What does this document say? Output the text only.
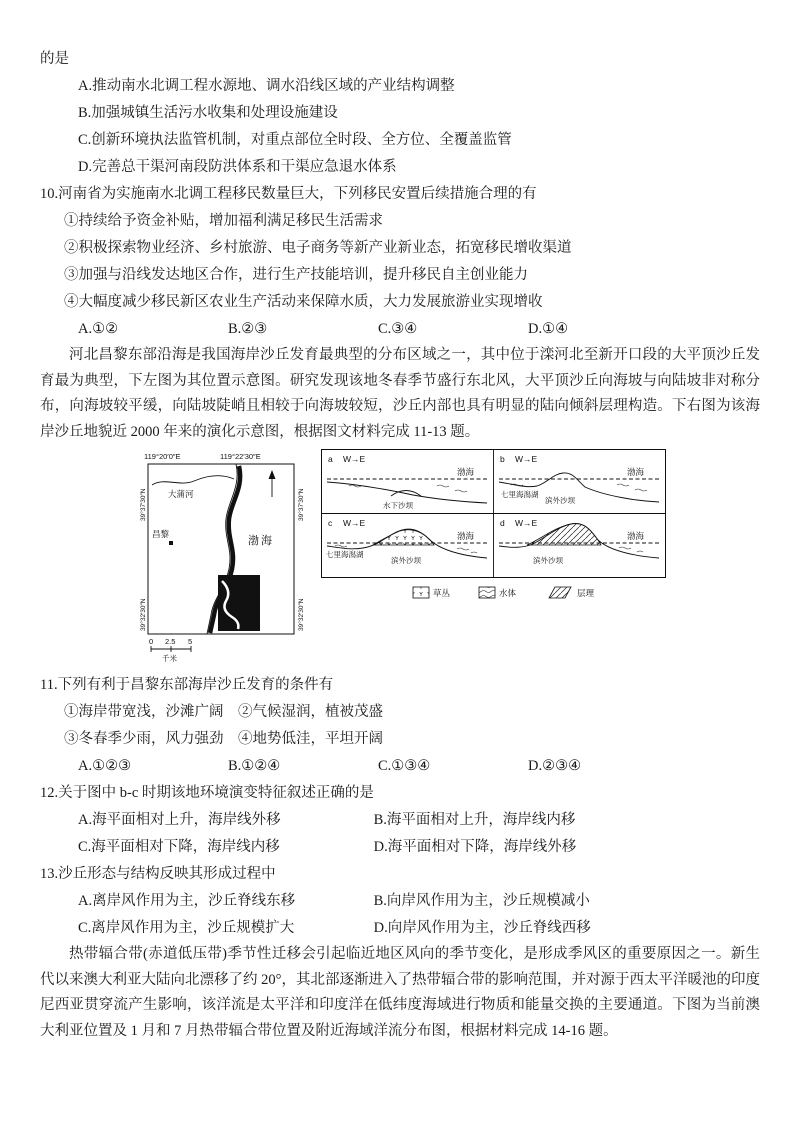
的是

A.推动南水北调工程水源地、调水沿线区域的产业结构调整

B.加强城镇生活污水收集和处理设施建设

C.创新环境执法监管机制，对重点部位全时段、全方位、全覆盖监管

D.完善总干渠河南段防洪体系和干渠应急退水体系

10.河南省为实施南水北调工程移民数量巨大，下列移民安置后续措施合理的有

①持续给予资金补贴，增加福利满足移民生活需求

②积极探索物业经济、乡村旅游、电子商务等新产业新业态，拓宽移民增收渠道

③加强与沿线发达地区合作，进行生产技能培训，提升移民自主创业能力

④大幅度减少移民新区农业生产活动来保障水质，大力发展旅游业实现增收

A.①②	B.②③	C.③④	D.①④

河北昌黎东部沿海是我国海岸沙丘发育最典型的分布区域之一，其中位于滦河北至新开口段的大平顶沙丘发育最为典型，下左图为其位置示意图。研究发现该地冬春季节盛行东北风，大平顶沙丘向海坡与向陆坡非对称分布，向海坡较平缓，向陆坡陡峭且相较于向海坡较短，沙丘内部也具有明显的陆向倾斜层理构造。下右图为该海岸沙丘地貌近 2000 年来的演化示意图，根据图文材料完成 11-13 题。

119°20′0″E	119°22′30″E
39°37′30″N
39°32′30″N
39°37′30″N
39°32′30″N
大蒲河
渤海
昌黎
0 2.5 5
千米
a W→E
渤海
水下沙坝
b W→E
七里海潟湖
滨外沙坝
渤海
c W→E
七里海潟湖
滨外沙坝
渤海
d W→E
滨外沙坝
渤海
草丛	水体	层理

11.下列有利于昌黎东部海岸沙丘发育的条件有

①海岸带宽浅，沙滩广阔　②气候湿润，植被茂盛

③冬春季少雨，风力强劲　④地势低洼，平坦开阔

A.①②③	B.①②④	C.①③④	D.②③④

12.关于图中 b-c 时期该地环境演变特征叙述正确的是

A.海平面相对上升，海岸线外移	B.海平面相对上升，海岸线内移
C.海平面相对下降，海岸线内移	D.海平面相对下降，海岸线外移

13.沙丘形态与结构反映其形成过程中

A.离岸风作用为主，沙丘脊线东移	B.向岸风作用为主，沙丘规模减小
C.离岸风作用为主，沙丘规模扩大	D.向岸风作用为主，沙丘脊线西移

热带辐合带(赤道低压带)季节性迁移会引起临近地区风向的季节变化，是形成季风区的重要原因之一。新生代以来澳大利亚大陆向北漂移了约 20°，其北部逐渐进入了热带辐合带的影响范围，并对源于西太平洋暖池的印度尼西亚贯穿流产生影响，该洋流是太平洋和印度洋在低纬度海域进行物质和能量交换的主要通道。下图为当前澳大利亚位置及 1 月和 7 月热带辐合带位置及附近海域洋流分布图，根据材料完成 14-16 题。
